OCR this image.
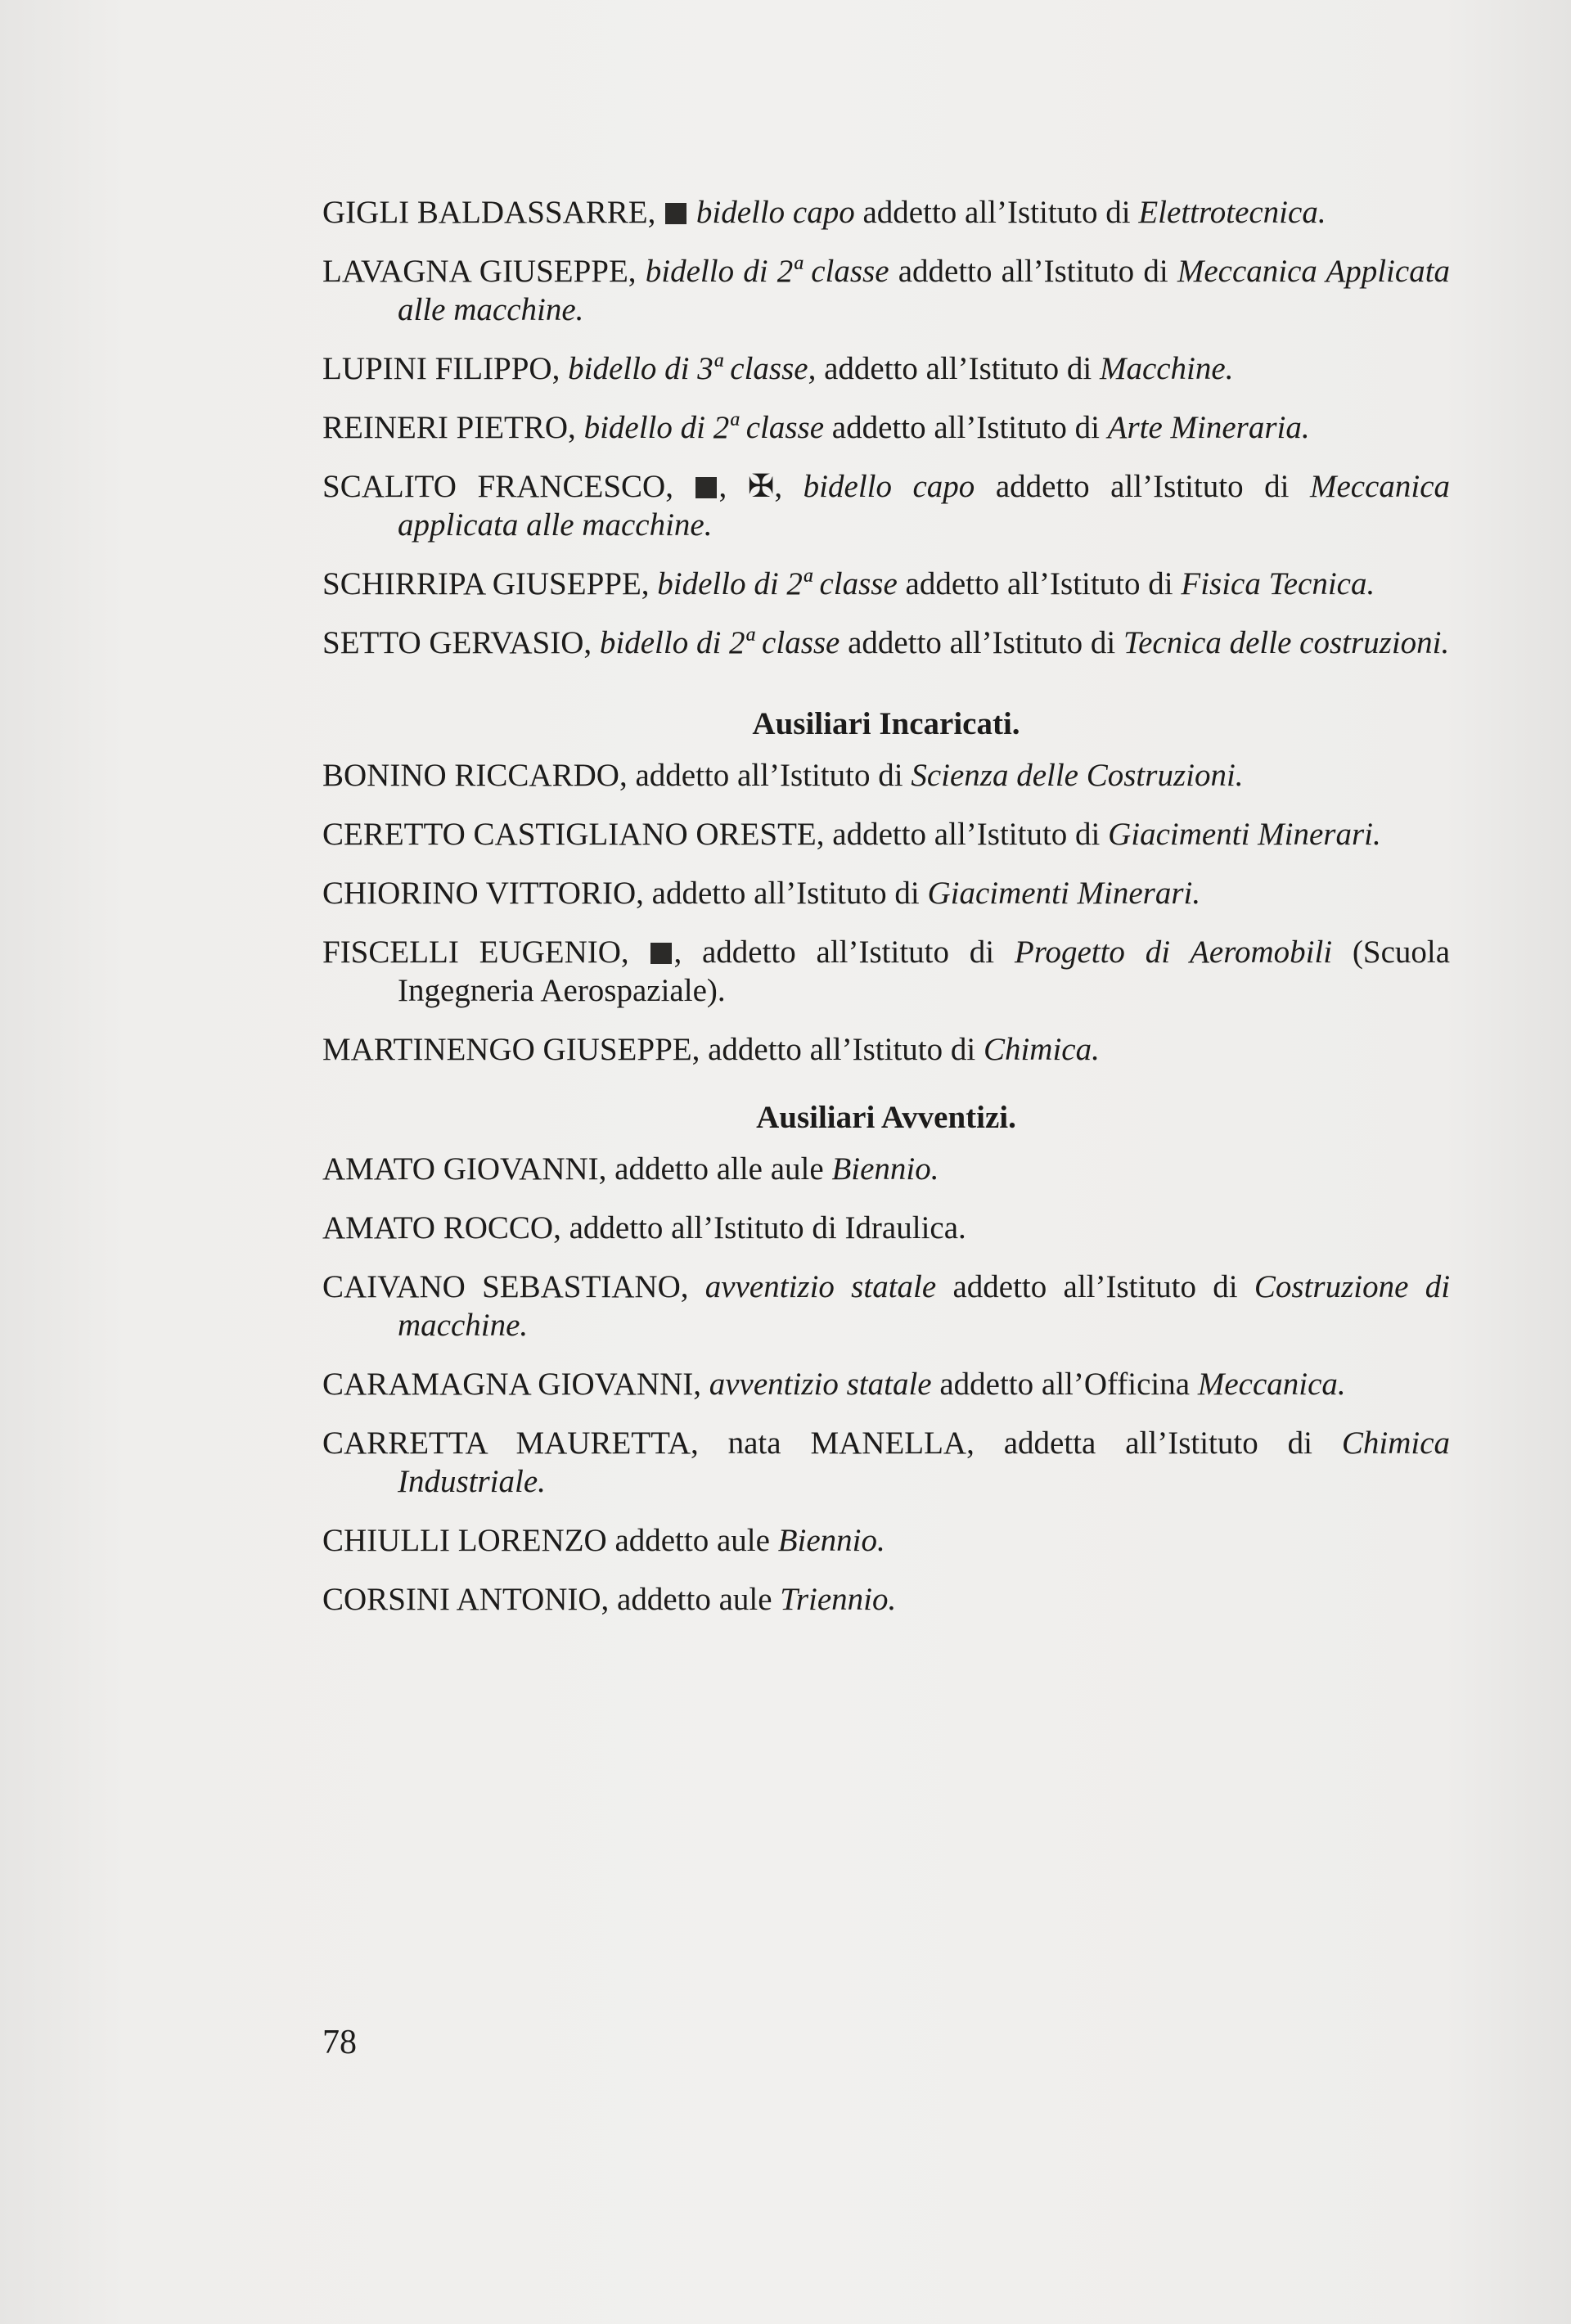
GIGLI BALDASSARRE, bidello capo addetto all’Istituto di Elettrotecnica.

LAVAGNA GIUSEPPE, bidello di 2ª classe addetto all’Istituto di Meccanica Applicata alle macchine.

LUPINI FILIPPO, bidello di 3ª classe, addetto all’Istituto di Macchine.

REINERI PIETRO, bidello di 2ª classe addetto all’Istituto di Arte Mineraria.

SCALITO FRANCESCO, , ✠, bidello capo addetto all’Istituto di Meccanica applicata alle macchine.

SCHIRRIPA GIUSEPPE, bidello di 2ª classe addetto all’Istituto di Fisica Tecnica.

SETTO GERVASIO, bidello di 2ª classe addetto all’Istituto di Tecnica delle costruzioni.

Ausiliari Incaricati.

BONINO RICCARDO, addetto all’Istituto di Scienza delle Costruzioni.

CERETTO CASTIGLIANO ORESTE, addetto all’Istituto di Giacimenti Minerari.

CHIORINO VITTORIO, addetto all’Istituto di Giacimenti Minerari.

FISCELLI EUGENIO, , addetto all’Istituto di Progetto di Aeromobili (Scuola Ingegneria Aerospaziale).

MARTINENGO GIUSEPPE, addetto all’Istituto di Chimica.

Ausiliari Avventizi.

AMATO GIOVANNI, addetto alle aule Biennio.

AMATO ROCCO, addetto all’Istituto di Idraulica.

CAIVANO SEBASTIANO, avventizio statale addetto all’Istituto di Costruzione di macchine.

CARAMAGNA GIOVANNI, avventizio statale addetto all’Officina Meccanica.

CARRETTA MAURETTA, nata MANELLA, addetta all’Istituto di Chimica Industriale.

CHIULLI LORENZO addetto aule Biennio.

CORSINI ANTONIO, addetto aule Triennio.

78
